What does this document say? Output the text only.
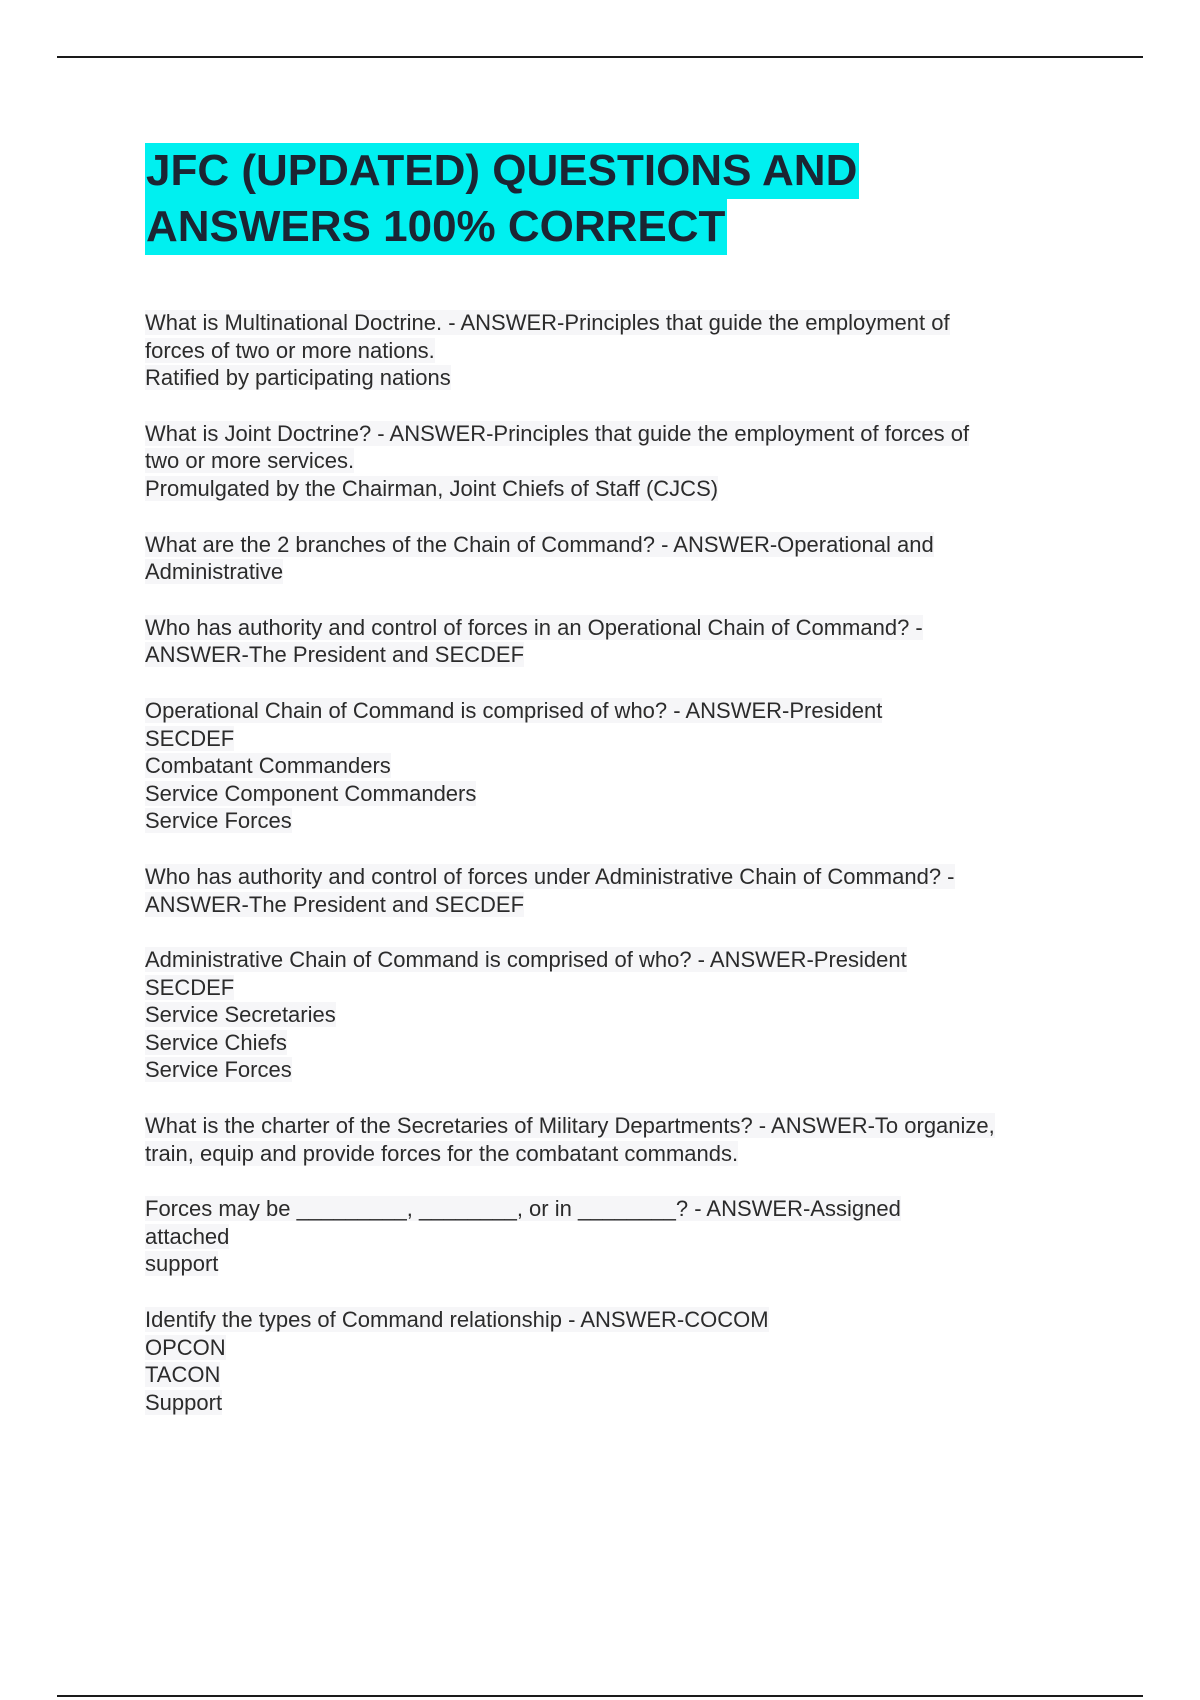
JFC (UPDATED) QUESTIONS AND
ANSWERS 100% CORRECT
What is Multinational Doctrine. - ANSWER-Principles that guide the employment of
forces of two or more nations.
Ratified by participating nations
What is Joint Doctrine? - ANSWER-Principles that guide the employment of forces of
two or more services.
Promulgated by the Chairman, Joint Chiefs of Staff (CJCS)
What are the 2 branches of the Chain of Command? - ANSWER-Operational and
Administrative
Who has authority and control of forces in an Operational Chain of Command? -
ANSWER-The President and SECDEF
Operational Chain of Command is comprised of who? - ANSWER-President
SECDEF
Combatant Commanders
Service Component Commanders
Service Forces
Who has authority and control of forces under Administrative Chain of Command? -
ANSWER-The President and SECDEF
Administrative Chain of Command is comprised of who? - ANSWER-President
SECDEF
Service Secretaries
Service Chiefs
Service Forces
What is the charter of the Secretaries of Military Departments? - ANSWER-To organize,
train, equip and provide forces for the combatant commands.
Forces may be _________, ________, or in ________? - ANSWER-Assigned
attached
support
Identify the types of Command relationship - ANSWER-COCOM
OPCON
TACON
Support
